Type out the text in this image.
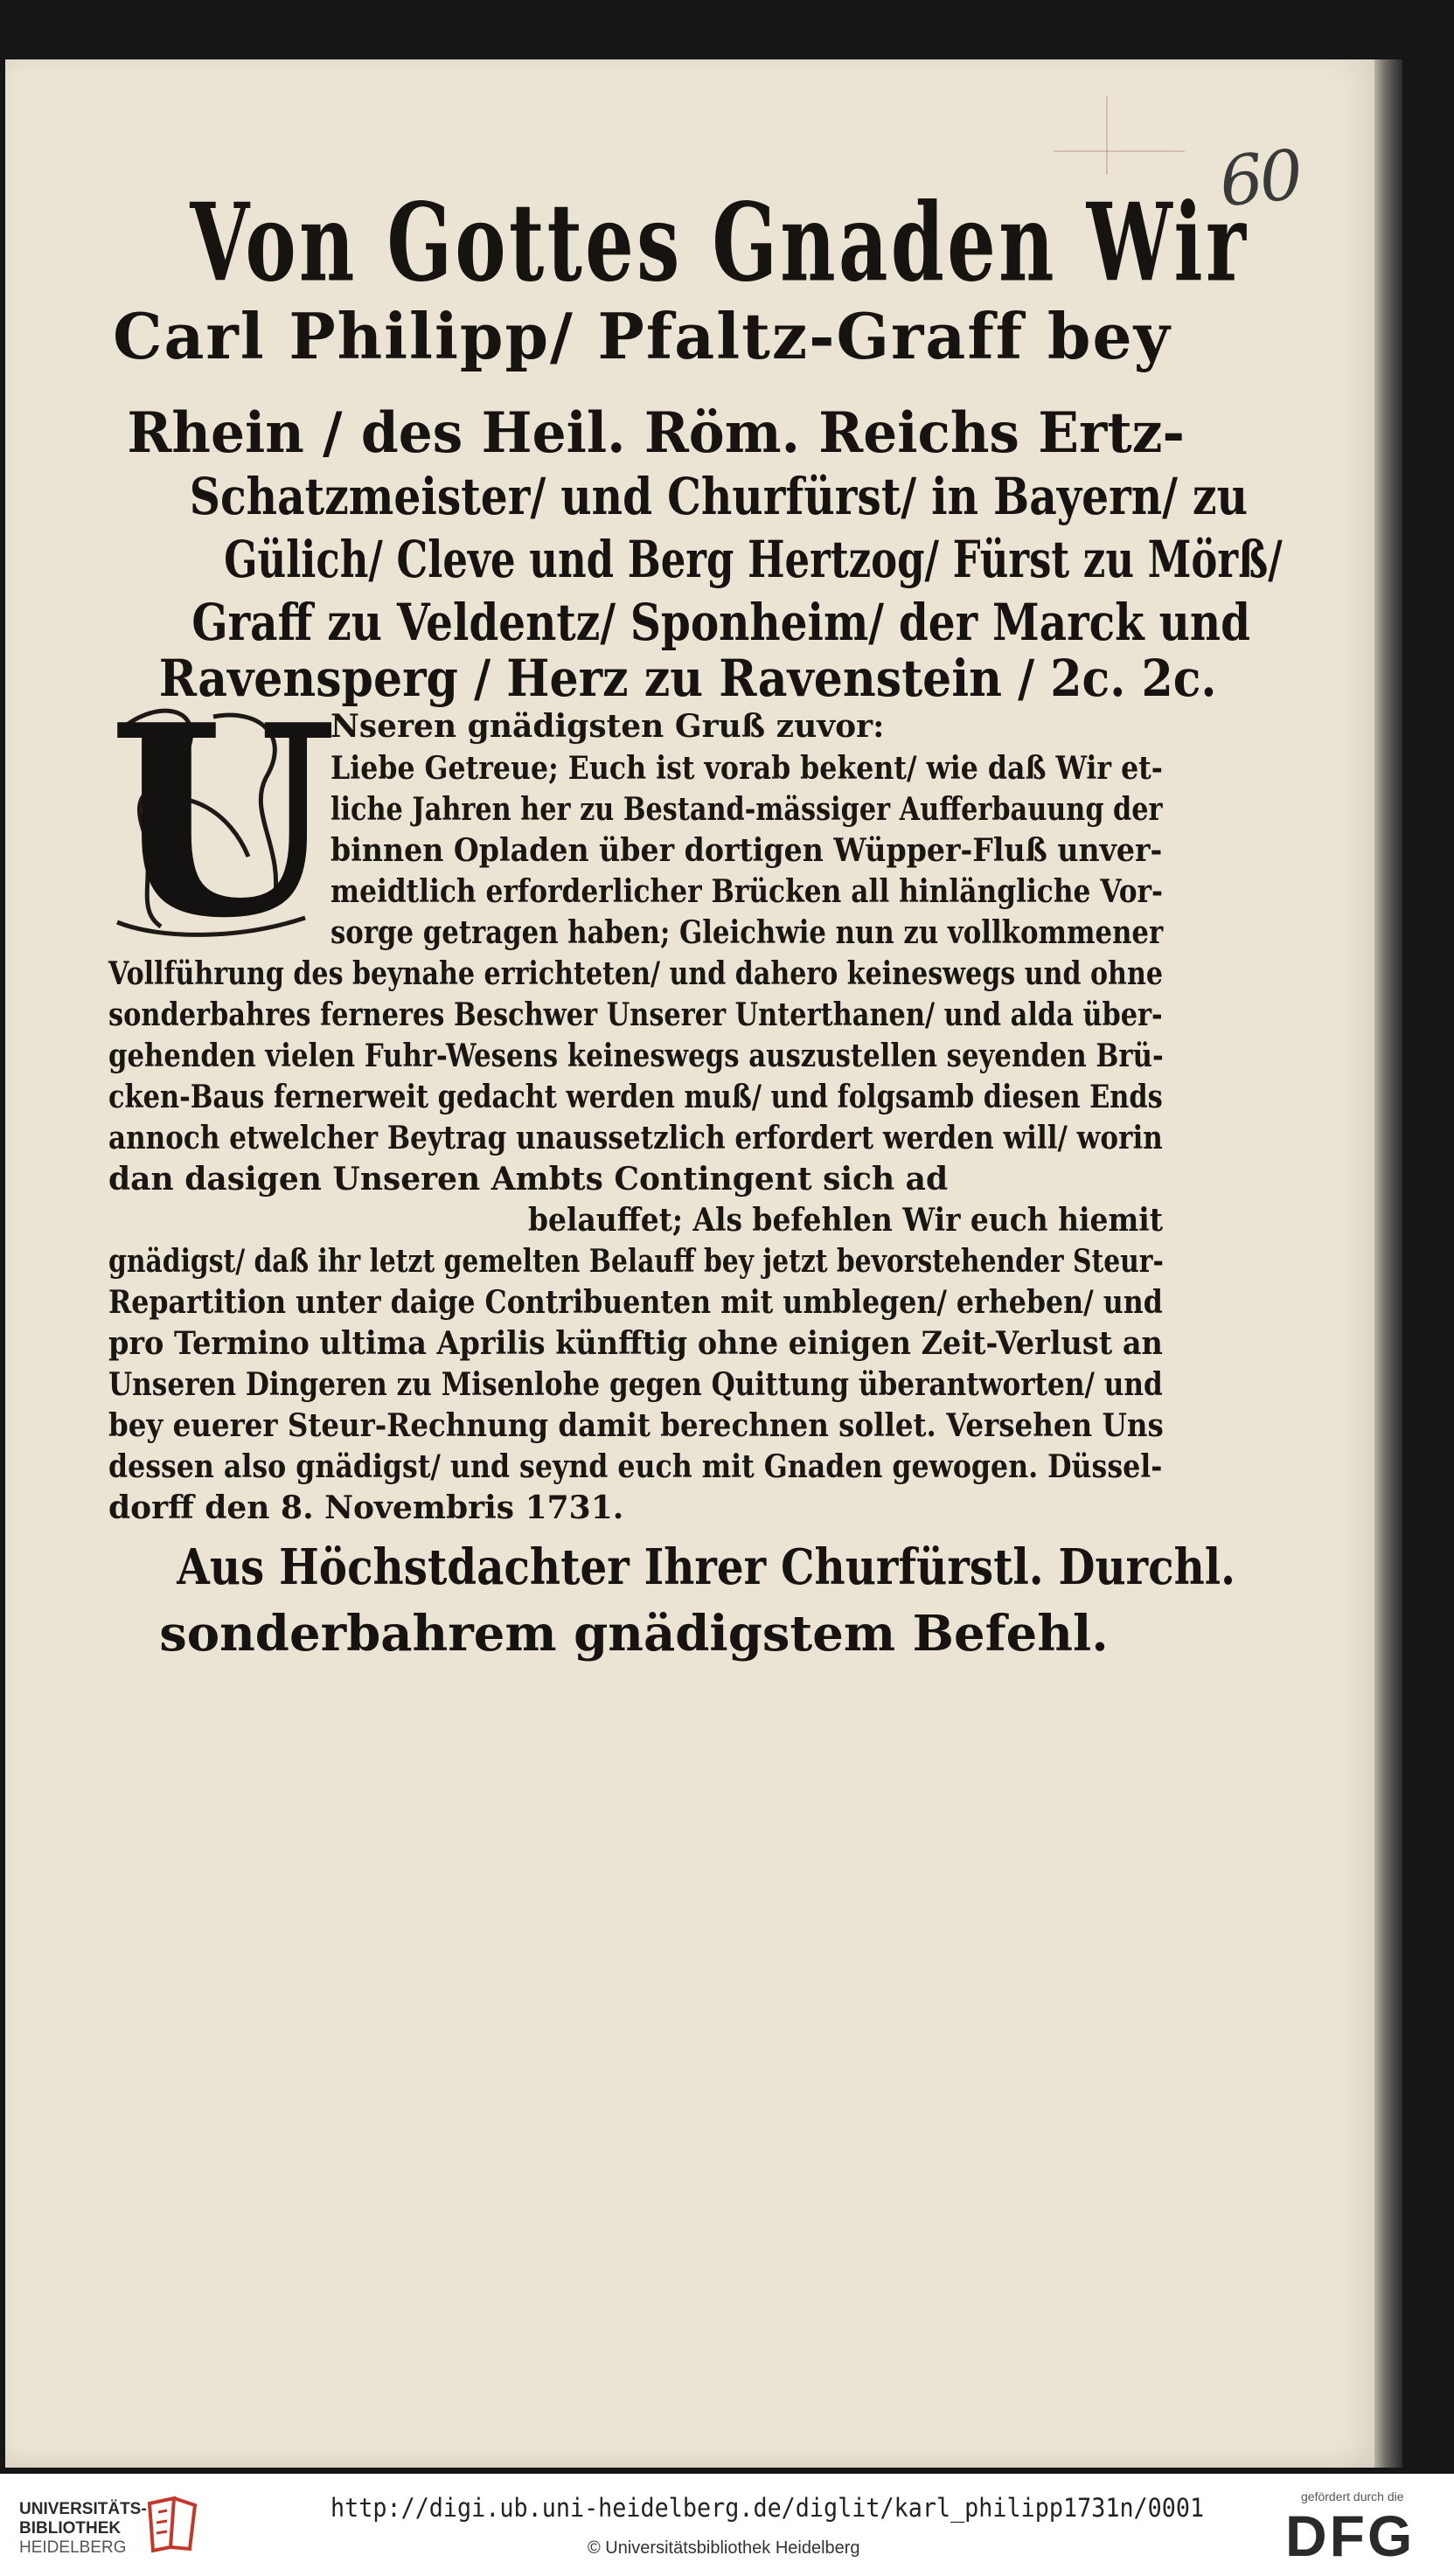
60
Von Gottes Gnaden Wir
Carl Philipp/ Pfaltz-Graff bey
Rhein / des Heil. Röm. Reichs Ertz-
Schatzmeister/ und Churfürst/ in Bayern/ zu
Gülich/ Cleve und Berg Hertzog/ Fürst zu Mörß/
Graff zu Veldentz/ Sponheim/ der Marck und
Ravensperg / Herz zu Ravenstein / 2c. 2c.
U
Nseren gnädigsten Gruß zuvor:
Liebe Getreue; Euch ist vorab bekent/ wie daß Wir et-
liche Jahren her zu Bestand-mässiger Aufferbauung der
binnen Opladen über dortigen Wüpper-Fluß unver-
meidtlich erforderlicher Brücken all hinlängliche Vor-
sorge getragen haben; Gleichwie nun zu vollkommener
Vollführung des beynahe errichteten/ und dahero keineswegs und ohne
sonderbahres ferneres Beschwer Unserer Unterthanen/ und alda über-
gehenden vielen Fuhr-Wesens keineswegs auszustellen seyenden Brü-
cken-Baus fernerweit gedacht werden muß/ und folgsamb diesen Ends
annoch etwelcher Beytrag unaussetzlich erfordert werden will/ worin
dan dasigen Unseren Ambts Contingent sich ad
belauffet; Als befehlen Wir euch hiemit
gnädigst/ daß ihr letzt gemelten Belauff bey jetzt bevorstehender Steur-
Repartition unter daige Contribuenten mit umblegen/ erheben/ und
pro Termino ultima Aprilis künfftig ohne einigen Zeit-Verlust an
Unseren Dingeren zu Misenlohe gegen Quittung überantworten/ und
bey euerer Steur-Rechnung damit berechnen sollet. Versehen Uns
dessen also gnädigst/ und seynd euch mit Gnaden gewogen. Düssel-
dorff den 8. Novembris 1731.
Aus Höchstdachter Ihrer Churfürstl. Durchl.
sonderbahrem gnädigstem Befehl.
UNIVERSITÄTS-
BIBLIOTHEK
HEIDELBERG
http://digi.ub.uni-heidelberg.de/diglit/karl_philipp1731n/0001
© Universitätsbibliothek Heidelberg
gefördert durch die
DFG
